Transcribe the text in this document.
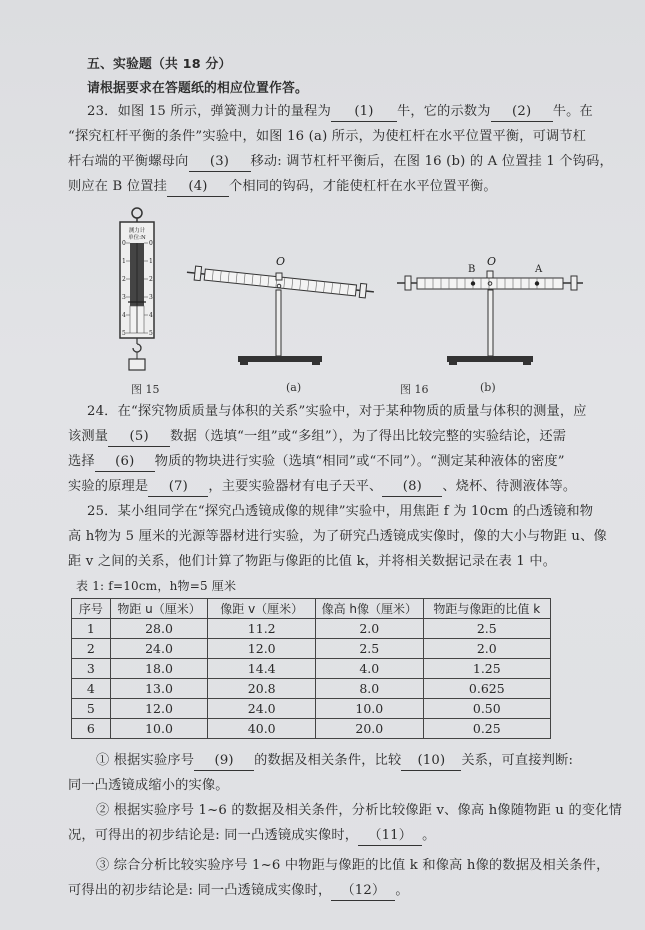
五、实验题（共 18 分）
请根据要求在答题纸的相应位置作答。
23．如图 15 所示，弹簧测力计的量程为 (1) 牛，它的示数为 (2) 牛。在
“探究杠杆平衡的条件”实验中，如图 16 (a) 所示，为使杠杆在水平位置平衡，可调节杠
杆右端的平衡螺母向 (3) 移动: 调节杠杆平衡后，在图 16 (b) 的 A 位置挂 1 个钩码，
则应在 B 位置挂 (4) 个相同的钩码，才能使杠杆在水平位置平衡。
测力计
单位:N
0	0
1	1
2	2
3	3
4	4
5	5
O	O
B	A
图 15	(a)	图 16	(b)
24．在“探究物质质量与体积的关系”实验中，对于某种物质的质量与体积的测量，应
该测量 (5) 数据（选填“一组”或“多组”），为了得出比较完整的实验结论，还需
选择 (6) 物质的物块进行实验（选填“相同”或“不同”）。“测定某种液体的密度”
实验的原理是 (7) ，主要实验器材有电子天平、 (8) 、烧杯、待测液体等。
25．某小组同学在“探究凸透镜成像的规律”实验中，用焦距 f 为 10cm 的凸透镜和物
高 h物为 5 厘米的光源等器材进行实验，为了研究凸透镜成实像时，像的大小与物距 u、像
距 v 之间的关系，他们计算了物距与像距的比值 k，并将相关数据记录在表 1 中。
表 1: f=10cm，h物=5 厘米
序号	物距 u（厘米）	像距 v（厘米）	像高 h像（厘米）	物距与像距的比值 k
1	28.0	11.2	2.0	2.5
2	24.0	12.0	2.5	2.0
3	18.0	14.4	4.0	1.25
4	13.0	20.8	8.0	0.625
5	12.0	24.0	10.0	0.50
6	10.0	40.0	20.0	0.25
① 根据实验序号 (9) 的数据及相关条件，比较 (10) 关系，可直接判断:
同一凸透镜成缩小的实像。
② 根据实验序号 1~6 的数据及相关条件，分析比较像距 v、像高 h像随物距 u 的变化情
况，可得出的初步结论是: 同一凸透镜成实像时， （11） 。
③ 综合分析比较实验序号 1~6 中物距与像距的比值 k 和像高 h像的数据及相关条件，
可得出的初步结论是: 同一凸透镜成实像时， （12） 。
